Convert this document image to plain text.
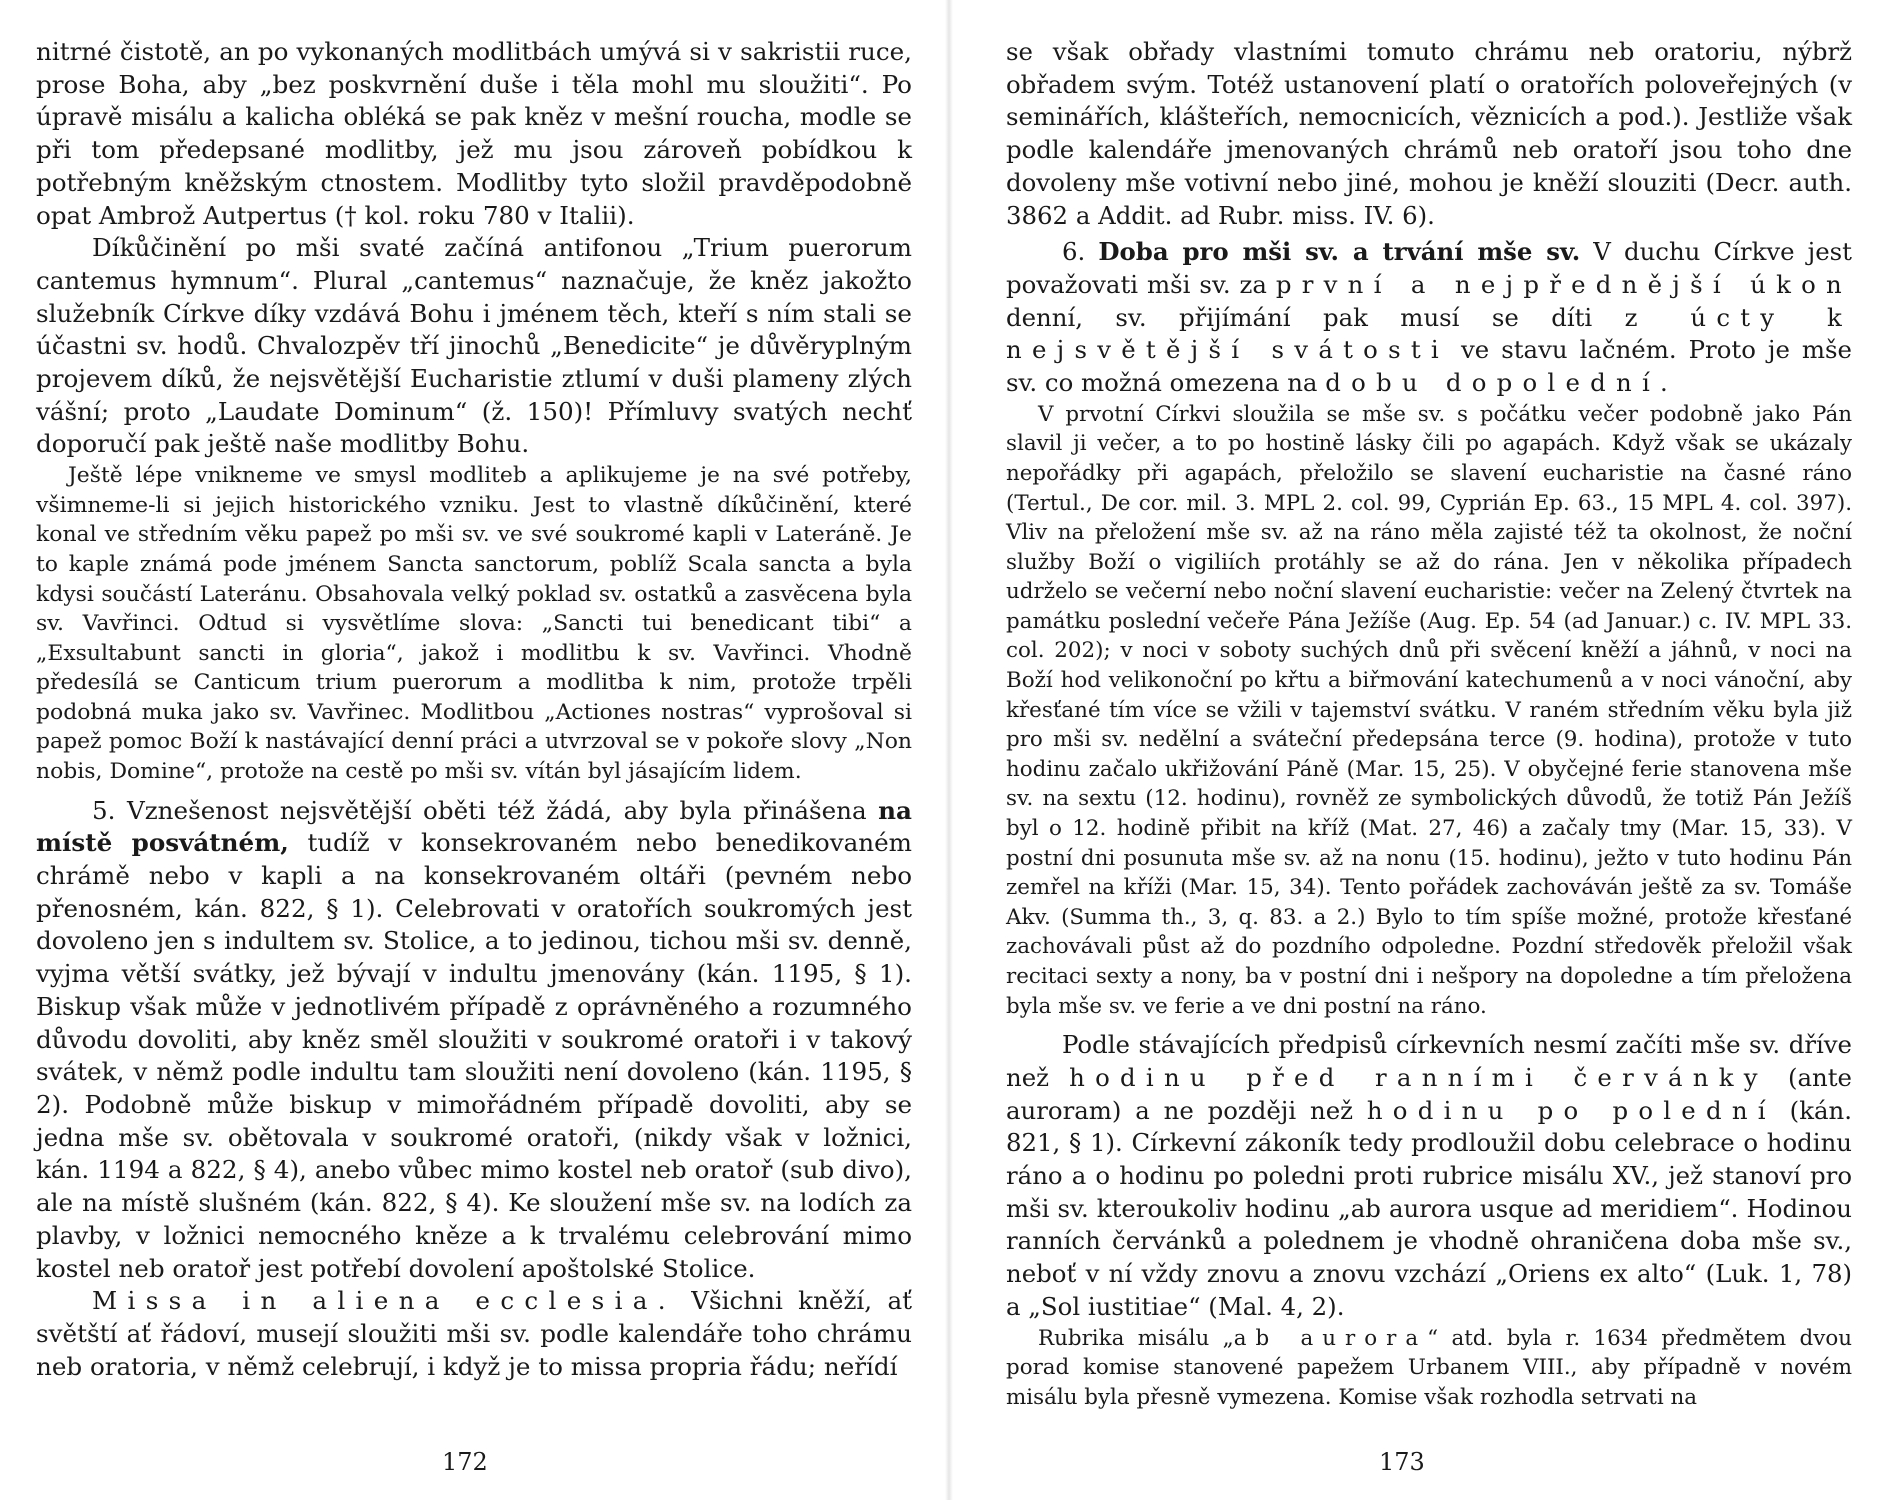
nitrné čistotě, an po vykonaných modlitbách umývá si v sakristii ruce, prose Boha, aby „bez poskvrnění duše i těla mohl mu sloužiti“. Po úpravě misálu a kalicha obléká se pak kněz v mešní roucha, modle se při tom předepsané modlitby, jež mu jsou zároveň pobídkou k potřebným kněžským ctnostem. Modlitby tyto složil pravděpodobně opat Ambrož Autpertus († kol. roku 780 v Italii).

Díkůčinění po mši svaté začíná antifonou „Trium puerorum cantemus hymnum“. Plural „cantemus“ naznačuje, že kněz jakožto služebník Církve díky vzdává Bohu i jménem těch, kteří s ním stali se účastni sv. hodů. Chvalozpěv tří jinochů „Benedicite“ je důvěryplným projevem díků, že nejsvětější Eucharistie ztlumí v duši plameny zlých vášní; proto „Laudate Dominum“ (ž. 150)! Přímluvy svatých nechť doporučí pak ještě naše modlitby Bohu.

Ještě lépe vnikneme ve smysl modliteb a aplikujeme je na své potřeby, všimneme-li si jejich historického vzniku. Jest to vlastně díkůčinění, které konal ve středním věku papež po mši sv. ve své soukromé kapli v Lateráně. Je to kaple známá pode jménem Sancta sanctorum, poblíž Scala sancta a byla kdysi součástí Lateránu. Obsahovala velký poklad sv. ostatků a zasvěcena byla sv. Vavřinci. Odtud si vysvětlíme slova: „Sancti tui benedicant tibi“ a „Exsultabunt sancti in gloria“, jakož i modlitbu k sv. Vavřinci. Vhodně předesílá se Canticum trium puerorum a modlitba k nim, protože trpěli podobná muka jako sv. Vavřinec. Modlitbou „Actiones nostras“ vyprošoval si papež pomoc Boží k nastávající denní práci a utvrzoval se v pokoře slovy „Non nobis, Domine“, protože na cestě po mši sv. vítán byl jásajícím lidem.

5. Vznešenost nejsvětější oběti též žádá, aby byla přinášena na místě posvátném, tudíž v konsekrovaném nebo benedikovaném chrámě nebo v kapli a na konsekrovaném oltáři (pevném nebo přenosném, kán. 822, § 1). Celebrovati v oratořích soukromých jest dovoleno jen s indultem sv. Stolice, a to jedinou, tichou mši sv. denně, vyjma větší svátky, jež bývají v indultu jmenovány (kán. 1195, § 1). Biskup však může v jednotlivém případě z oprávněného a rozumného důvodu dovoliti, aby kněz směl sloužiti v soukromé oratoři i v takový svátek, v němž podle indultu tam sloužiti není dovoleno (kán. 1195, § 2). Podobně může biskup v mimořádném případě dovoliti, aby se jedna mše sv. obětovala v soukromé oratoři, (nikdy však v ložnici, kán. 1194 a 822, § 4), anebo vůbec mimo kostel neb oratoř (sub divo), ale na místě slušném (kán. 822, § 4). Ke sloužení mše sv. na lodích za plavby, v ložnici nemocného kněze a k trvalému celebrování mimo kostel neb oratoř jest potřebí dovolení apoštolské Stolice.

Missa in aliena ecclesia. Všichni kněží, ať světští ať řádoví, musejí sloužiti mši sv. podle kalendáře toho chrámu neb oratoria, v němž celebrují, i když je to missa propria řádu; neřídí

172

se však obřady vlastními tomuto chrámu neb oratoriu, nýbrž obřadem svým. Totéž ustanovení platí o oratořích poloveřejných (v seminářích, klášteřích, nemocnicích, věznicích a pod.). Jestliže však podle kalendáře jmenovaných chrámů neb oratoří jsou toho dne dovoleny mše votivní nebo jiné, mohou je kněží slouziti (Decr. auth. 3862 a Addit. ad Rubr. miss. IV. 6).

6. Doba pro mši sv. a trvání mše sv. V duchu Církve jest považovati mši sv. za první a nejpřednější úkon denní, sv. přijímání pak musí se díti z úcty k nejsvětější svátosti ve stavu lačném. Proto je mše sv. co možná omezena na dobu dopolední.

V prvotní Církvi sloužila se mše sv. s počátku večer podobně jako Pán slavil ji večer, a to po hostině lásky čili po agapách. Když však se ukázaly nepořádky při agapách, přeložilo se slavení eucharistie na časné ráno (Tertul., De cor. mil. 3. MPL 2. col. 99, Cyprián Ep. 63., 15 MPL 4. col. 397). Vliv na přeložení mše sv. až na ráno měla zajisté též ta okolnost, že noční služby Boží o vigiliích protáhly se až do rána. Jen v několika případech udrželo se večerní nebo noční slavení eucharistie: večer na Zelený čtvrtek na památku poslední večeře Pána Ježíše (Aug. Ep. 54 (ad Januar.) c. IV. MPL 33. col. 202); v noci v soboty suchých dnů při svěcení kněží a jáhnů, v noci na Boží hod velikonoční po křtu a biřmování katechumenů a v noci vánoční, aby křesťané tím více se vžili v tajemství svátku. V raném středním věku byla již pro mši sv. nedělní a sváteční předepsána terce (9. hodina), protože v tuto hodinu začalo ukřižování Páně (Mar. 15, 25). V obyčejné ferie stanovena mše sv. na sextu (12. hodinu), rovněž ze symbolických důvodů, že totiž Pán Ježíš byl o 12. hodině přibit na kříž (Mat. 27, 46) a začaly tmy (Mar. 15, 33). V postní dni posunuta mše sv. až na nonu (15. hodinu), ježto v tuto hodinu Pán zemřel na kříži (Mar. 15, 34). Tento pořádek zachováván ještě za sv. Tomáše Akv. (Summa th., 3, q. 83. a 2.) Bylo to tím spíše možné, protože křesťané zachovávali půst až do pozdního odpoledne. Pozdní středověk přeložil však recitaci sexty a nony, ba v postní dni i nešpory na dopoledne a tím přeložena byla mše sv. ve ferie a ve dni postní na ráno.

Podle stávajících předpisů církevních nesmí začíti mše sv. dříve než hodinu před ranními červánky (ante auroram) a ne později než hodinu po polední (kán. 821, § 1). Církevní zákoník tedy prodloužil dobu celebrace o hodinu ráno a o hodinu po poledni proti rubrice misálu XV., jež stanoví pro mši sv. kteroukoliv hodinu „ab aurora usque ad meridiem“. Hodinou ranních červánků a polednem je vhodně ohraničena doba mše sv., neboť v ní vždy znovu a znovu vzchází „Oriens ex alto“ (Luk. 1, 78) a „Sol iustitiae“ (Mal. 4, 2).

Rubrika misálu „ab aurora“ atd. byla r. 1634 předmětem dvou porad komise stanovené papežem Urbanem VIII., aby případně v novém misálu byla přesně vymezena. Komise však rozhodla setrvati na

173
